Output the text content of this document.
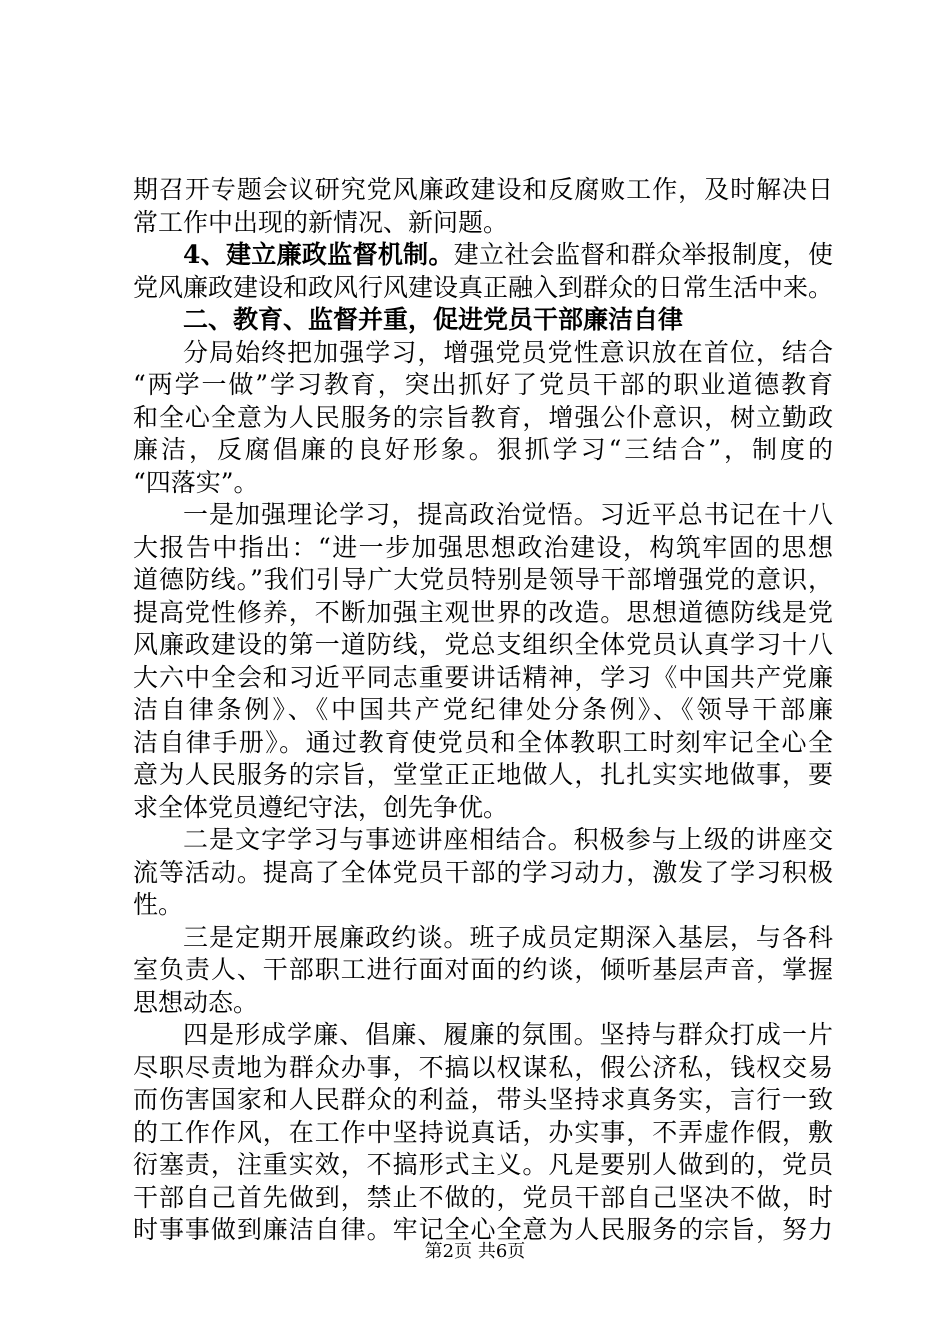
期召开专题会议研究党风廉政建设和反腐败工作，及时解决日
常工作中出现的新情况、新问题。
4、建立廉政监督机制。建立社会监督和群众举报制度，使
党风廉政建设和政风行风建设真正融入到群众的日常生活中来。
二、教育、监督并重，促进党员干部廉洁自律
分局始终把加强学习，增强党员党性意识放在首位，结合
“两学一做”学习教育，突出抓好了党员干部的职业道德教育
和全心全意为人民服务的宗旨教育，增强公仆意识，树立勤政
廉洁，反腐倡廉的良好形象。狠抓学习“三结合”，制度的
“四落实”。
一是加强理论学习，提高政治觉悟。习近平总书记在十八
大报告中指出：“进一步加强思想政治建设，构筑牢固的思想
道德防线。”我们引导广大党员特别是领导干部增强党的意识，
提高党性修养，不断加强主观世界的改造。思想道德防线是党
风廉政建设的第一道防线，党总支组织全体党员认真学习十八
大六中全会和习近平同志重要讲话精神，学习《中国共产党廉
洁自律条例》、《中国共产党纪律处分条例》、《领导干部廉
洁自律手册》。通过教育使党员和全体教职工时刻牢记全心全
意为人民服务的宗旨，堂堂正正地做人，扎扎实实地做事，要
求全体党员遵纪守法，创先争优。
二是文字学习与事迹讲座相结合。积极参与上级的讲座交
流等活动。提高了全体党员干部的学习动力，激发了学习积极
性。
三是定期开展廉政约谈。班子成员定期深入基层，与各科
室负责人、干部职工进行面对面的约谈，倾听基层声音，掌握
思想动态。
四是形成学廉、倡廉、履廉的氛围。坚持与群众打成一片
尽职尽责地为群众办事，不搞以权谋私，假公济私，钱权交易
而伤害国家和人民群众的利益，带头坚持求真务实，言行一致
的工作作风，在工作中坚持说真话，办实事，不弄虚作假，敷
衍塞责，注重实效，不搞形式主义。凡是要别人做到的，党员
干部自己首先做到，禁止不做的，党员干部自己坚决不做，时
时事事做到廉洁自律。牢记全心全意为人民服务的宗旨，努力
第2页 共6页
